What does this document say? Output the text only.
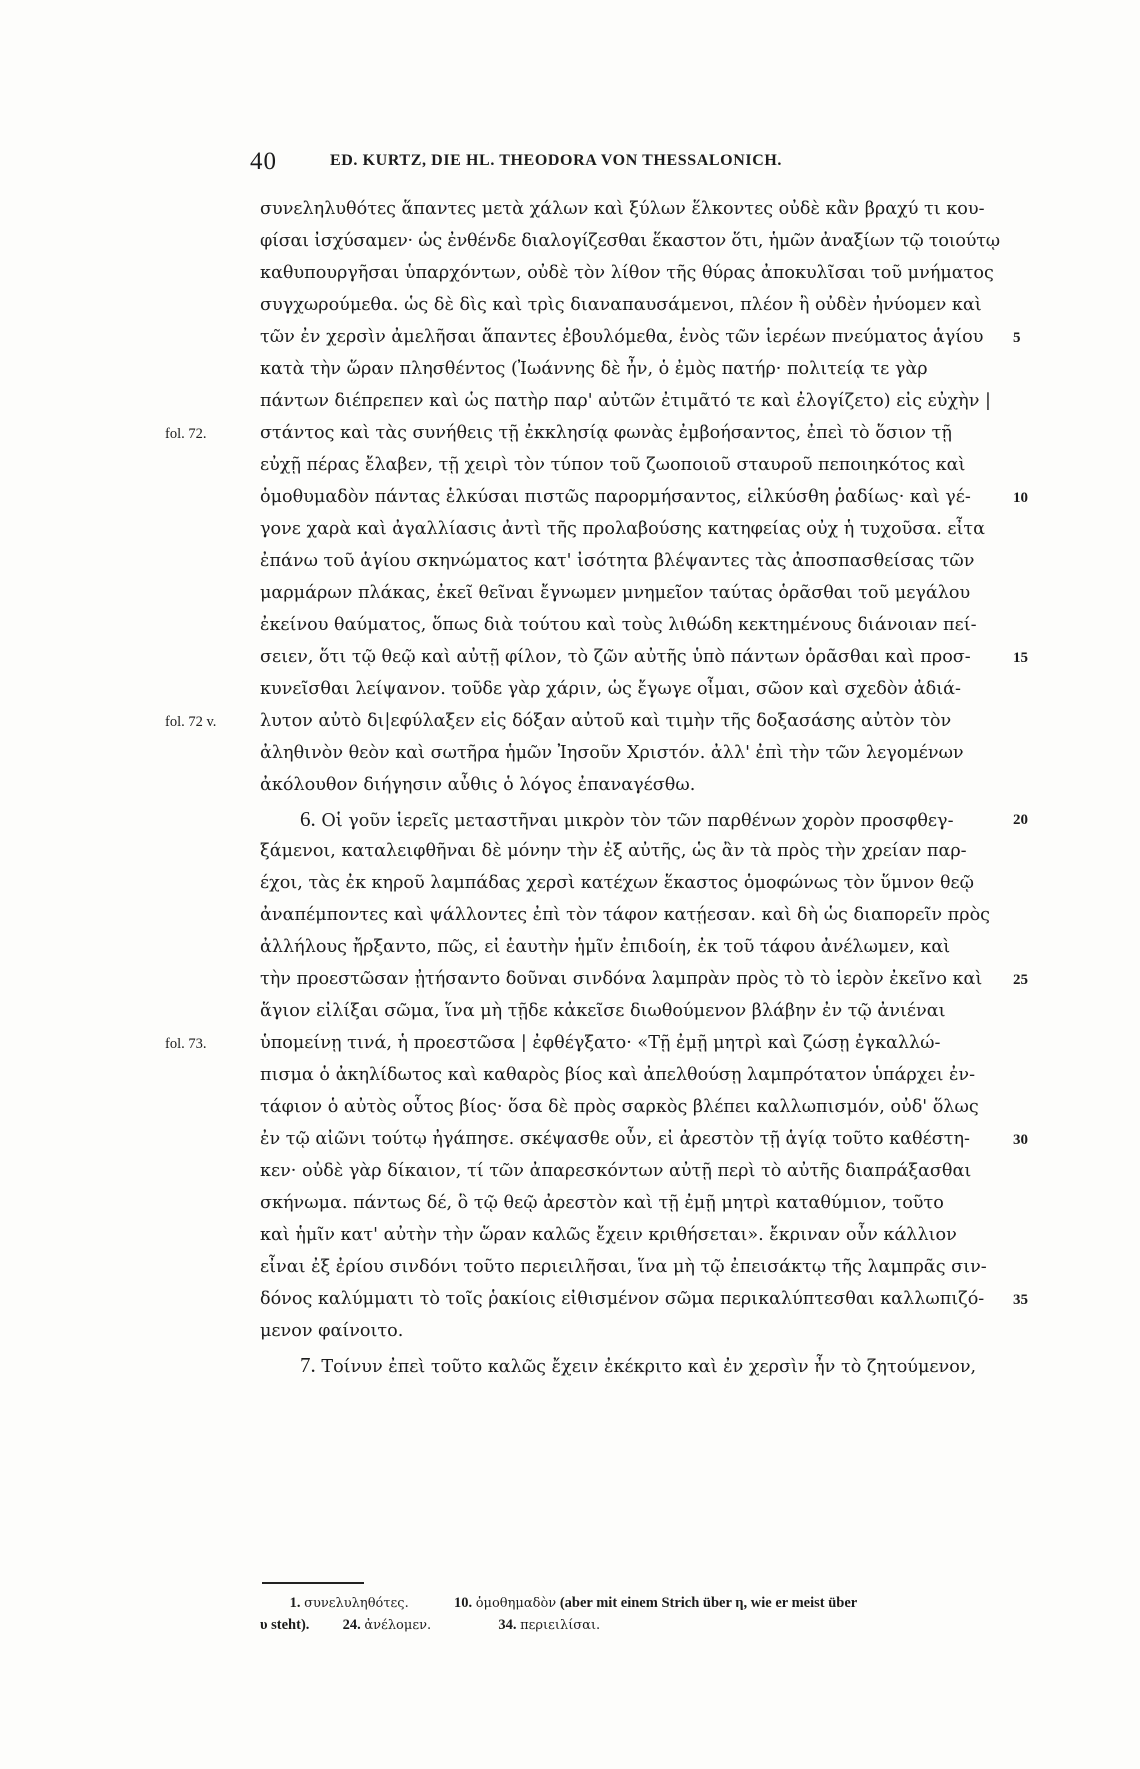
40	ED. KURTZ, DIE HL. THEODORA VON THESSALONICH.
συνεληλυθότες ἅπαντες μετὰ χάλων καὶ ξύλων ἕλκοντες οὐδὲ κἂν βραχύ τι κου-
φίσαι ἰσχύσαμεν· ὡς ἐνθένδε διαλογίζεσθαι ἕκαστον ὅτι, ἡμῶν ἀναξίων τῷ τοιούτῳ
καθυπουργῆσαι ὑπαρχόντων, οὐδὲ τὸν λίθον τῆς θύρας ἀποκυλῖσαι τοῦ μνήματος
συγχωρούμεθα. ὡς δὲ δὶς καὶ τρὶς διαναπαυσάμενοι, πλέον ἢ οὐδὲν ἠνύομεν καὶ
τῶν ἐν χερσὶν ἀμελῆσαι ἅπαντες ἐβουλόμεθα, ἑνὸς τῶν ἱερέων πνεύματος ἁγίου
κατὰ τὴν ὥραν πλησθέντος (Ἰωάννης δὲ ἦν, ὁ ἐμὸς πατήρ· πολιτείᾳ τε γὰρ
πάντων διέπρεπεν καὶ ὡς πατὴρ παρ' αὐτῶν ἐτιμᾶτό τε καὶ ἐλογίζετο) εἰς εὐχὴν |
στάντος καὶ τὰς συνήθεις τῇ ἐκκλησίᾳ φωνὰς ἐμβοήσαντος, ἐπεὶ τὸ ὅσιον τῇ
εὐχῇ πέρας ἔλαβεν, τῇ χειρὶ τὸν τύπον τοῦ ζωοποιοῦ σταυροῦ πεποιηκότος καὶ
ὁμοθυμαδὸν πάντας ἑλκύσαι πιστῶς παρορμήσαντος, εἱλκύσθη ῥαδίως· καὶ γέ-
γονε χαρὰ καὶ ἀγαλλίασις ἀντὶ τῆς προλαβούσης κατηφείας οὐχ ἡ τυχοῦσα. εἶτα
ἐπάνω τοῦ ἁγίου σκηνώματος κατ' ἰσότητα βλέψαντες τὰς ἀποσπασθείσας τῶν
μαρμάρων πλάκας, ἐκεῖ θεῖναι ἔγνωμεν μνημεῖον ταύτας ὁρᾶσθαι τοῦ μεγάλου
ἐκείνου θαύματος, ὅπως διὰ τούτου καὶ τοὺς λιθώδη κεκτημένους διάνοιαν πεί-
σειεν, ὅτι τῷ θεῷ καὶ αὐτῇ φίλον, τὸ ζῶν αὐτῆς ὑπὸ πάντων ὁρᾶσθαι καὶ προσ-
κυνεῖσθαι λείψανον. τοῦδε γὰρ χάριν, ὡς ἔγωγε οἶμαι, σῶον καὶ σχεδὸν ἀδιά-
λυτον αὐτὸ δι|εφύλαξεν εἰς δόξαν αὐτοῦ καὶ τιμὴν τῆς δοξασάσης αὐτὸν τὸν
ἀληθινὸν θεὸν καὶ σωτῆρα ἡμῶν Ἰησοῦν Χριστόν. ἀλλ' ἐπὶ τὴν τῶν λεγομένων
ἀκόλουθον διήγησιν αὖθις ὁ λόγος ἐπαναγέσθω.
6. Οἱ γοῦν ἱερεῖς μεταστῆναι μικρὸν τὸν τῶν παρθένων χορὸν προσφθεγ-
ξάμενοι, καταλειφθῆναι δὲ μόνην τὴν ἐξ αὐτῆς, ὡς ἂν τὰ πρὸς τὴν χρείαν παρ-
έχοι, τὰς ἐκ κηροῦ λαμπάδας χερσὶ κατέχων ἕκαστος ὁμοφώνως τὸν ὕμνον θεῷ
ἀναπέμποντες καὶ ψάλλοντες ἐπὶ τὸν τάφον κατῄεσαν. καὶ δὴ ὡς διαπορεῖν πρὸς
ἀλλήλους ἤρξαντο, πῶς, εἰ ἑαυτὴν ἡμῖν ἐπιδοίη, ἐκ τοῦ τάφου ἀνέλωμεν, καὶ
τὴν προεστῶσαν ᾐτήσαντο δοῦναι σινδόνα λαμπρὰν πρὸς τὸ τὸ ἱερὸν ἐκεῖνο καὶ
ἅγιον εἰλίξαι σῶμα, ἵνα μὴ τῇδε κἀκεῖσε διωθούμενον βλάβην ἐν τῷ ἀνιέναι
ὑπομείνῃ τινά, ἡ προεστῶσα | ἐφθέγξατο· «Τῇ ἐμῇ μητρὶ καὶ ζώσῃ ἐγκαλλώ-
πισμα ὁ ἀκηλίδωτος καὶ καθαρὸς βίος καὶ ἀπελθούσῃ λαμπρότατον ὑπάρχει ἐν-
τάφιον ὁ αὐτὸς οὗτος βίος· ὅσα δὲ πρὸς σαρκὸς βλέπει καλλωπισμόν, οὐδ' ὅλως
ἐν τῷ αἰῶνι τούτῳ ἠγάπησε. σκέψασθε οὖν, εἰ ἀρεστὸν τῇ ἁγίᾳ τοῦτο καθέστη-
κεν· οὐδὲ γὰρ δίκαιον, τί τῶν ἀπαρεσκόντων αὐτῇ περὶ τὸ αὐτῆς διαπράξασθαι
σκήνωμα. πάντως δέ, ὃ τῷ θεῷ ἀρεστὸν καὶ τῇ ἐμῇ μητρὶ καταθύμιον, τοῦτο
καὶ ἡμῖν κατ' αὐτὴν τὴν ὥραν καλῶς ἔχειν κριθήσεται». ἔκριναν οὖν κάλλιον
εἶναι ἐξ ἐρίου σινδόνι τοῦτο περιειλῆσαι, ἵνα μὴ τῷ ἐπεισάκτῳ τῆς λαμπρᾶς σιν-
δόνος καλύμματι τὸ τοῖς ῥακίοις εἰθισμένον σῶμα περικαλύπτεσθαι καλλωπιζό-
μενον φαίνοιτο.
7. Τοίνυν ἐπεὶ τοῦτο καλῶς ἔχειν ἐκέκριτο καὶ ἐν χερσὶν ἦν τὸ ζητούμενον,
5
10
15
20
25
30
35
fol. 72.
fol. 72 v.
fol. 73.
1. συνελυληθότες.	10. ὁμοθημαδὸν (aber mit einem Strich über η, wie er meist über
υ steht). 24. ἀνέλομεν.	34. περιειλίσαι.
